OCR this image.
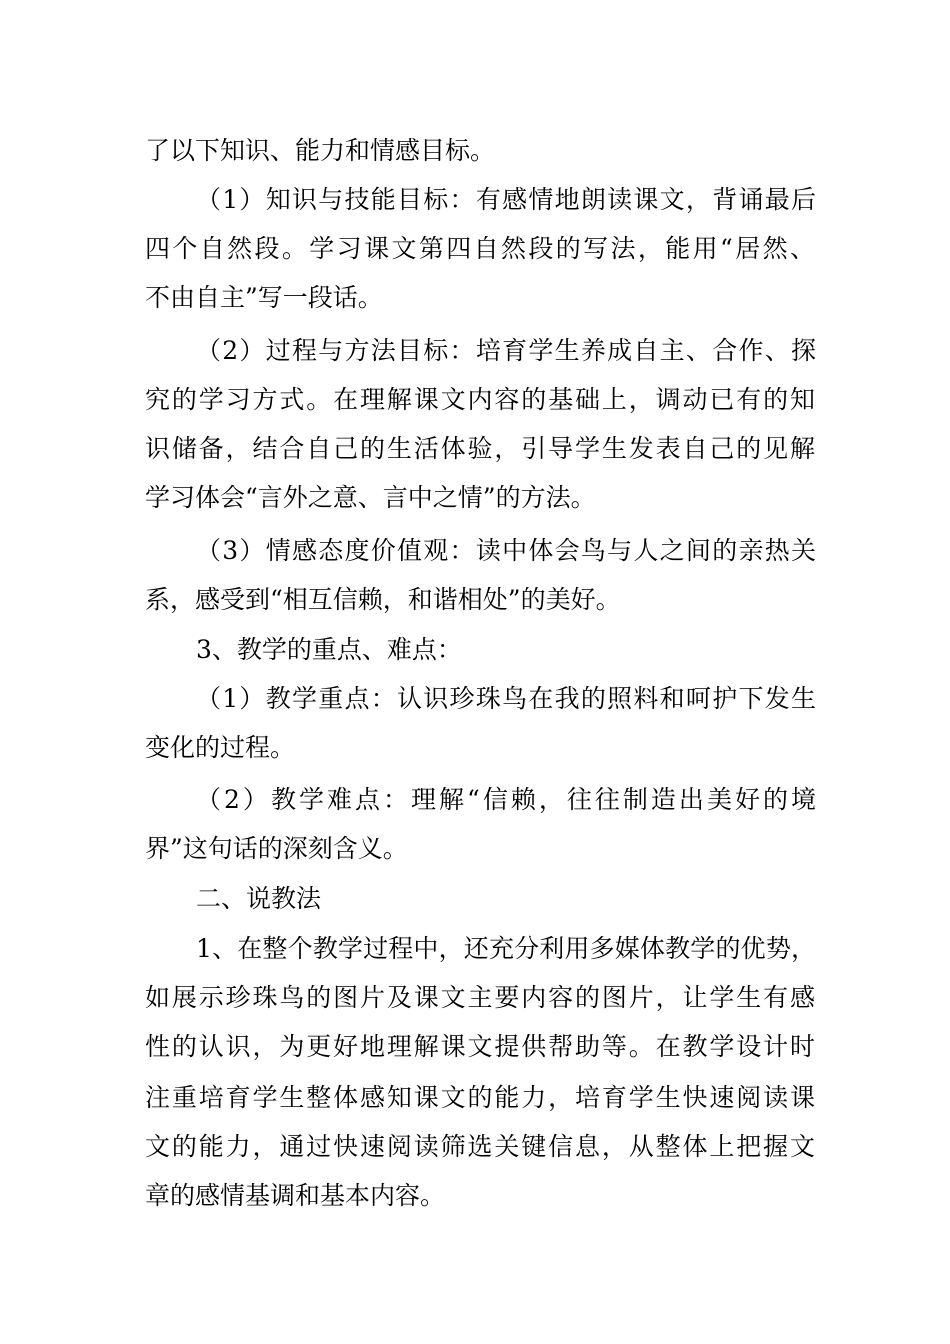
了以下知识、能力和情感目标。
（1）知识与技能目标：有感情地朗读课文，背诵最后
四个自然段。学习课文第四自然段的写法，能用“居然、
不由自主”写一段话。
（2）过程与方法目标：培育学生养成自主、合作、探
究的学习方式。在理解课文内容的基础上，调动已有的知
识储备，结合自己的生活体验，引导学生发表自己的见解
学习体会“言外之意、言中之情”的方法。
（3）情感态度价值观：读中体会鸟与人之间的亲热关
系，感受到“相互信赖，和谐相处”的美好。
3、教学的重点、难点：
（1）教学重点：认识珍珠鸟在我的照料和呵护下发生
变化的过程。
（2）教学难点：理解“信赖，往往制造出美好的境
界”这句话的深刻含义。
二、说教法
1、在整个教学过程中，还充分利用多媒体教学的优势，
如展示珍珠鸟的图片及课文主要内容的图片，让学生有感
性的认识，为更好地理解课文提供帮助等。在教学设计时
注重培育学生整体感知课文的能力，培育学生快速阅读课
文的能力，通过快速阅读筛选关键信息，从整体上把握文
章的感情基调和基本内容。
